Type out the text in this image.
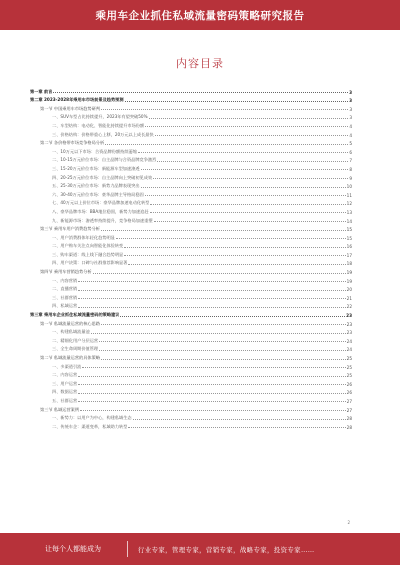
乘用车企业抓住私域流量密码策略研究报告
内容目录
第一章 前言	3
第二章 2023-2028年乘用车市场前景及趋势预测	3
第一节 中国乘用车市场趋势研判	3
一、SUV车型占比持续提升，2023年有望突破50%	3
二、车型结构：电动化、智能化持续提升市场份额	4
三、价格结构：价格带重心上移，20万元以上成长最快	4
第二节 各价格带市场竞争格局分析	5
一、10万元以下市场：合资品牌份额持续萎缩	6
二、10-15万元价位市场：自主品牌与合资品牌竞争激烈	7
三、15-20万元价位市场：新能源车型加速渗透	8
四、20-25万元价位市场：自主品牌向上突破初见成效	9
五、25-30万元价位市场：新势力品牌表现突出	10
六、30-40万元价位市场：豪华品牌主导格局稳固	11
七、40万元以上价位市场：豪华品牌加速电动化转型	12
八、豪华品牌市场：BBA地位稳固，新势力加速追赶	13
九、新能源市场：渗透率持续提升，竞争格局加速重塑	14
第三节 乘用车用户消费趋势分析	15
一、用户消费群体年轻化趋势明显	15
二、用户购车关注点向智能化体验转变	16
三、购车渠道：线上线下融合趋势明显	17
四、用户决策：口碑与社群推荐影响显著	18
第四节 乘用车营销趋势分析	19
一、内容营销	19
二、直播营销	20
三、社群营销	21
四、私域运营	22
第三章 乘用车企业抓住私域流量密码的策略建议	23
第一节 私域流量运营的核心思路	23
一、构建私域流量池	23
二、精细化用户分层运营	24
三、全生命周期价值管理	24
第二节 私域流量运营的具体策略	25
一、多渠道引流	25
二、内容运营	25
三、用户运营	26
四、数据运营	26
五、社群运营	27
第三节 私域运营案例	27
一、新势力：以用户为中心，构建私域生态	28
二、传统车企：渠道变革，私域助力转型	28
2
让每个人都能成为	行业专家，管理专家，营销专家，战略专家，投资专家……
